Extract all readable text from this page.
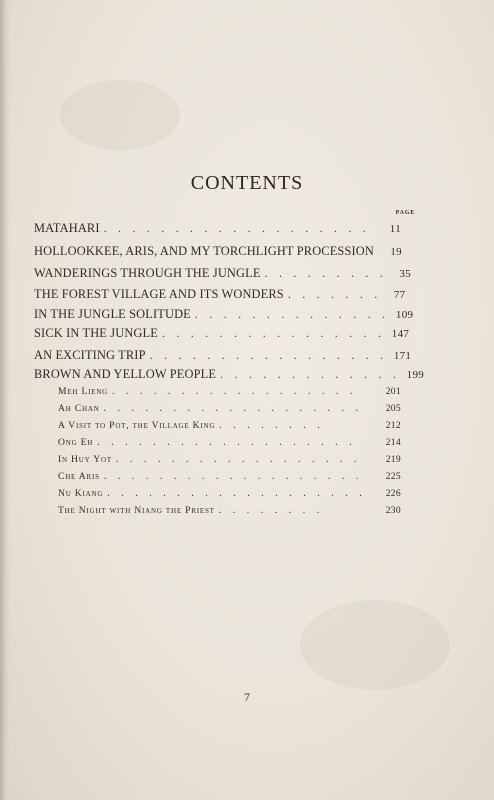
CONTENTS
PAGE
MATAHARI . . . . . . . . . . . . . . . . . . .	11
HOLLOOKKEE, ARIS, AND MY TORCHLIGHT PROCESSION	19
WANDERINGS THROUGH THE JUNGLE . . . . . . . . .	35
THE FOREST VILLAGE AND ITS WONDERS . . . . . . .	77
IN THE JUNGLE SOLITUDE . . . . . . . . . . . . . . 109
SICK IN THE JUNGLE . . . . . . . . . . . . . . . . 147
AN EXCITING TRIP . . . . . . . . . . . . . . . . . 171
BROWN AND YELLOW PEOPLE . . . . . . . . . . . . . 199
Meh Lieng . . . . . . . . . . . . . . . . . .	201
Ah Chan . . . . . . . . . . . . . . . . . . .	205
A Visit to Pot, the Village King . . . . . . . .	212
Ong Eh . . . . . . . . . . . . . . . . . . .	214
In Huy Yot . . . . . . . . . . . . . . . . . .	219
Che Aris . . . . . . . . . . . . . . . . . . .	225
Nu Kiang . . . . . . . . . . . . . . . . . . .	226
The Night with Niang the Priest . . . . . . . .	230
7
